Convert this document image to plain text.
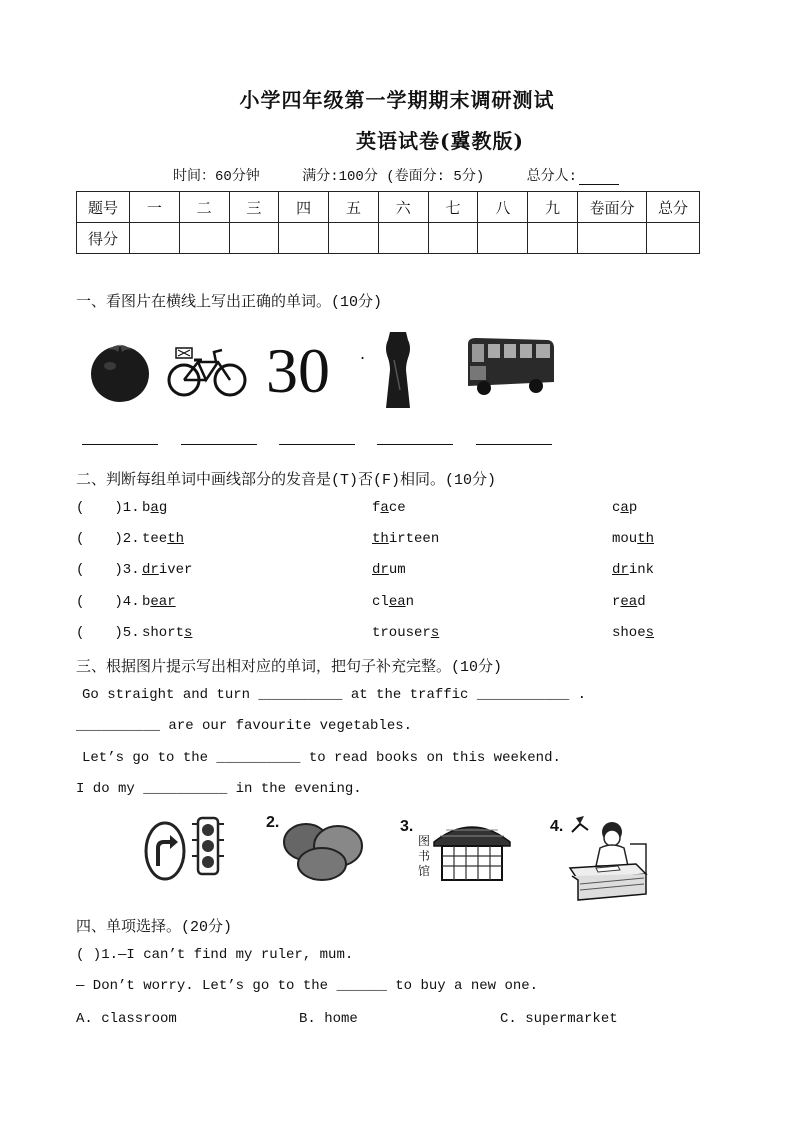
小学四年级第一学期期末调研测试
英语试卷(冀教版)
时间：60分钟	满分:100分 (卷面分: 5分)	总分人:
题号	一	二	三	四	五	六	七	八	九	卷面分	总分
得分											
一、看图片在横线上写出正确的单词。(10分)
30 .
二、判断每组单词中画线部分的发音是(T)否(F)相同。(10分)
( )1. bag	face	cap
( )2. teeth	thirteen	mouth
( )3. driver	drum	drink
( )4. bear	clean	read
( )5. shorts	trousers	shoes
三、根据图片提示写出相对应的单词，把句子补充完整。(10分)
Go straight and turn __________ at the traffic ___________ .
__________ are our favourite vegetables.
Let’s go to the __________ to read books on this weekend.
I do my __________ in the evening.
2.	3.
图
书
馆
4.
四、单项选择。(20分)
( )1.—I can’t find my ruler, mum.
— Don’t worry. Let’s go to the ______ to buy a new one.
A. classroom	B. home	C. supermarket
